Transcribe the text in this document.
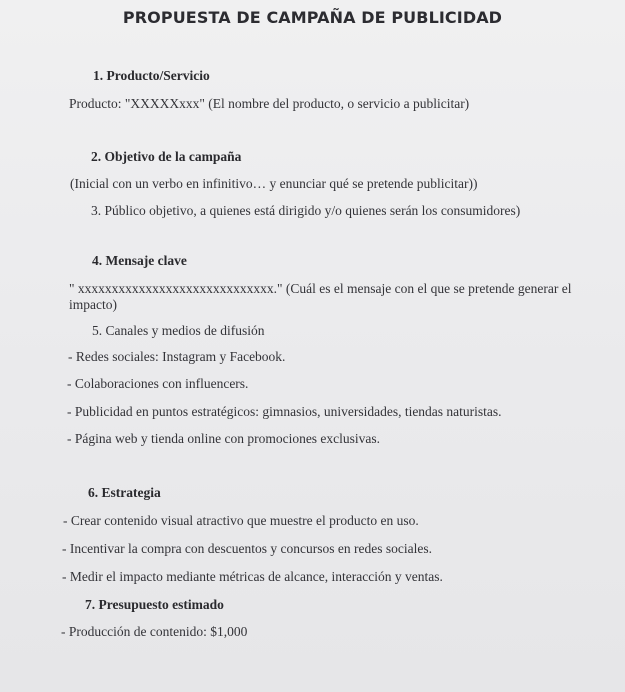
PROPUESTA DE CAMPAÑA DE PUBLICIDAD
1. Producto/Servicio
Producto: "XXXXXxxx" (El nombre del producto, o servicio a publicitar)
2. Objetivo de la campaña
(Inicial con un verbo en infinitivo… y enunciar qué se pretende publicitar))
3. Público objetivo, a quienes está dirigido y/o quienes serán los consumidores)
4. Mensaje clave
" xxxxxxxxxxxxxxxxxxxxxxxxxxxxx." (Cuál es el mensaje con el que se pretende generar el impacto)
5. Canales y medios de difusión
- Redes sociales: Instagram y Facebook.
- Colaboraciones con influencers.
- Publicidad en puntos estratégicos: gimnasios, universidades, tiendas naturistas.
- Página web y tienda online con promociones exclusivas.
6. Estrategia
- Crear contenido visual atractivo que muestre el producto en uso.
- Incentivar la compra con descuentos y concursos en redes sociales.
- Medir el impacto mediante métricas de alcance, interacción y ventas.
7. Presupuesto estimado
- Producción de contenido: $1,000
